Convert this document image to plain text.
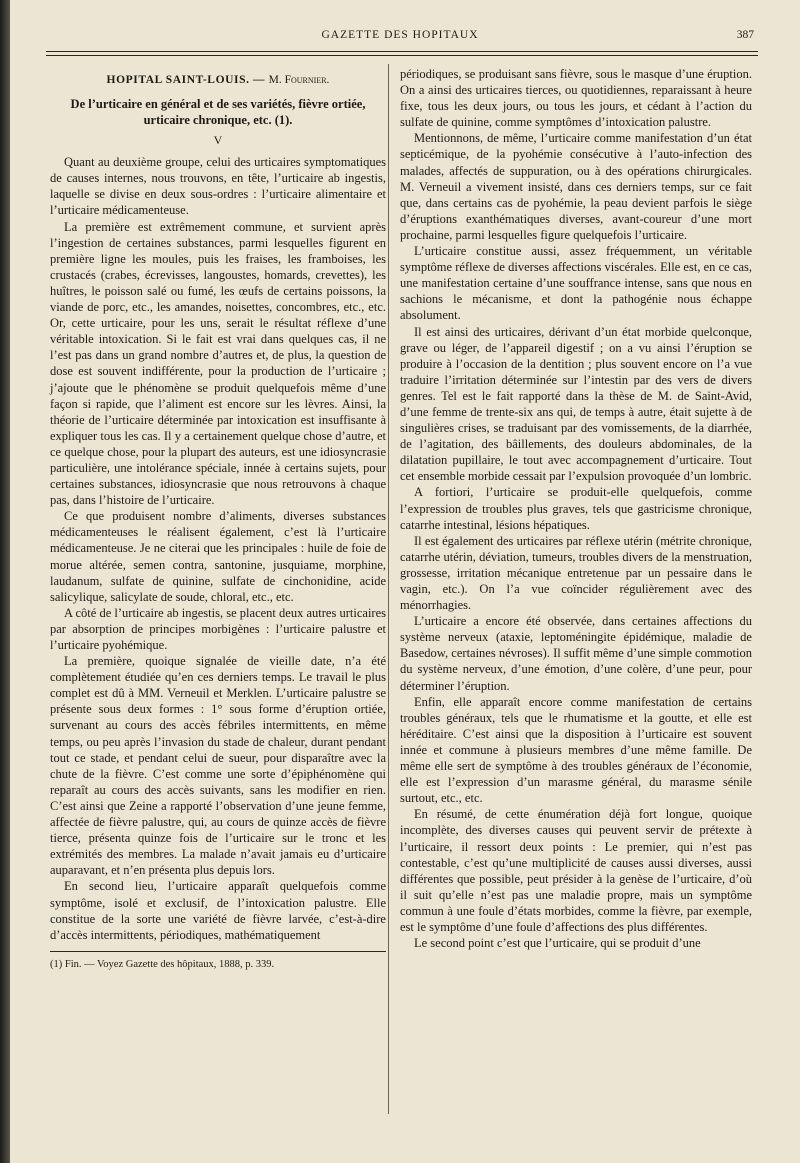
GAZETTE DES HOPITAUX	387

HOPITAL SAINT-LOUIS. — M. Fournier.

De l’urticaire en général et de ses variétés, fièvre ortiée, urticaire chronique, etc. (1).

V

Quant au deuxième groupe, celui des urticaires symptomatiques de causes internes, nous trouvons, en tête, l’urticaire ab ingestis, laquelle se divise en deux sous-ordres : l’urticaire alimentaire et l’urticaire médicamenteuse.

La première est extrêmement commune, et survient après l’ingestion de certaines substances, parmi lesquelles figurent en première ligne les moules, puis les fraises, les framboises, les crustacés (crabes, écrevisses, langoustes, homards, crevettes), les huîtres, le poisson salé ou fumé, les œufs de certains poissons, la viande de porc, etc., les amandes, noisettes, concombres, etc., etc. Or, cette urticaire, pour les uns, serait le résultat réflexe d’une véritable intoxication. Si le fait est vrai dans quelques cas, il ne l’est pas dans un grand nombre d’autres et, de plus, la question de dose est souvent indifférente, pour la production de l’urticaire ; j’ajoute que le phénomène se produit quelquefois même d’une façon si rapide, que l’aliment est encore sur les lèvres. Ainsi, la théorie de l’urticaire déterminée par intoxication est insuffisante à expliquer tous les cas. Il y a certainement quelque chose d’autre, et ce quelque chose, pour la plupart des auteurs, est une idiosyncrasie particulière, une intolérance spéciale, innée à certains sujets, pour certaines substances, idiosyncrasie que nous retrouvons à chaque pas, dans l’histoire de l’urticaire.

Ce que produisent nombre d’aliments, diverses substances médicamenteuses le réalisent également, c’est là l’urticaire médicamenteuse. Je ne citerai que les principales : huile de foie de morue altérée, semen contra, santonine, jusquiame, morphine, laudanum, sulfate de quinine, sulfate de cinchonidine, acide salicylique, salicylate de soude, chloral, etc., etc.

A côté de l’urticaire ab ingestis, se placent deux autres urticaires par absorption de principes morbigènes : l’urticaire palustre et l’urticaire pyohémique.

La première, quoique signalée de vieille date, n’a été complètement étudiée qu’en ces derniers temps. Le travail le plus complet est dû à MM. Verneuil et Merklen. L’urticaire palustre se présente sous deux formes : 1° sous forme d’éruption ortiée, survenant au cours des accès fébriles intermittents, en même temps, ou peu après l’invasion du stade de chaleur, durant pendant tout ce stade, et pendant celui de sueur, pour disparaître avec la chute de la fièvre. C’est comme une sorte d’épiphénomène qui reparaît au cours des accès suivants, sans les modifier en rien. C’est ainsi que Zeine a rapporté l’observation d’une jeune femme, affectée de fièvre palustre, qui, au cours de quinze accès de fièvre tierce, présenta quinze fois de l’urticaire sur le tronc et les extrémités des membres. La malade n’avait jamais eu d’urticaire auparavant, et n’en présenta plus depuis lors.

En second lieu, l’urticaire apparaît quelquefois comme symptôme, isolé et exclusif, de l’intoxication palustre. Elle constitue de la sorte une variété de fièvre larvée, c’est-à-dire d’accès intermittents, périodiques, mathématiquement

(1) Fin. — Voyez Gazette des hôpitaux, 1888, p. 339.

périodiques, se produisant sans fièvre, sous le masque d’une éruption. On a ainsi des urticaires tierces, ou quotidiennes, reparaissant à heure fixe, tous les deux jours, ou tous les jours, et cédant à l’action du sulfate de quinine, comme symptômes d’intoxication palustre.

Mentionnons, de même, l’urticaire comme manifestation d’un état septicémique, de la pyohémie consécutive à l’auto-infection des malades, affectés de suppuration, ou à des opérations chirurgicales. M. Verneuil a vivement insisté, dans ces derniers temps, sur ce fait que, dans certains cas de pyohémie, la peau devient parfois le siège d’éruptions exanthématiques diverses, avant-coureur d’une mort prochaine, parmi lesquelles figure quelquefois l’urticaire.

L’urticaire constitue aussi, assez fréquemment, un véritable symptôme réflexe de diverses affections viscérales. Elle est, en ce cas, une manifestation certaine d’une souffrance intense, sans que nous en sachions le mécanisme, et dont la pathogénie nous échappe absolument.

Il est ainsi des urticaires, dérivant d’un état morbide quelconque, grave ou léger, de l’appareil digestif ; on a vu ainsi l’éruption se produire à l’occasion de la dentition ; plus souvent encore on l’a vue traduire l’irritation déterminée sur l’intestin par des vers de divers genres. Tel est le fait rapporté dans la thèse de M. de Saint-Avid, d’une femme de trente-six ans qui, de temps à autre, était sujette à de singulières crises, se traduisant par des vomissements, de la diarrhée, de l’agitation, des bâillements, des douleurs abdominales, de la dilatation pupillaire, le tout avec accompagnement d’urticaire. Tout cet ensemble morbide cessait par l’expulsion provoquée d’un lombric.

A fortiori, l’urticaire se produit-elle quelquefois, comme l’expression de troubles plus graves, tels que gastricisme chronique, catarrhe intestinal, lésions hépatiques.

Il est également des urticaires par réflexe utérin (métrite chronique, catarrhe utérin, déviation, tumeurs, troubles divers de la menstruation, grossesse, irritation mécanique entretenue par un pessaire dans le vagin, etc.). On l’a vue coïncider régulièrement avec des ménorrhagies.

L’urticaire a encore été observée, dans certaines affections du système nerveux (ataxie, leptoméningite épidémique, maladie de Basedow, certaines névroses). Il suffit même d’une simple commotion du système nerveux, d’une émotion, d’une colère, d’une peur, pour déterminer l’éruption.

Enfin, elle apparaît encore comme manifestation de certains troubles généraux, tels que le rhumatisme et la goutte, et elle est héréditaire. C’est ainsi que la disposition à l’urticaire est souvent innée et commune à plusieurs membres d’une même famille. De même elle sert de symptôme à des troubles généraux de l’économie, elle est l’expression d’un marasme général, du marasme sénile surtout, etc., etc.

En résumé, de cette énumération déjà fort longue, quoique incomplète, des diverses causes qui peuvent servir de prétexte à l’urticaire, il ressort deux points : Le premier, qui n’est pas contestable, c’est qu’une multiplicité de causes aussi diverses, aussi différentes que possible, peut présider à la genèse de l’urticaire, d’où il suit qu’elle n’est pas une maladie propre, mais un symptôme commun à une foule d’états morbides, comme la fièvre, par exemple, est le symptôme d’une foule d’affections des plus différentes.

Le second point c’est que l’urticaire, qui se produit d’une
